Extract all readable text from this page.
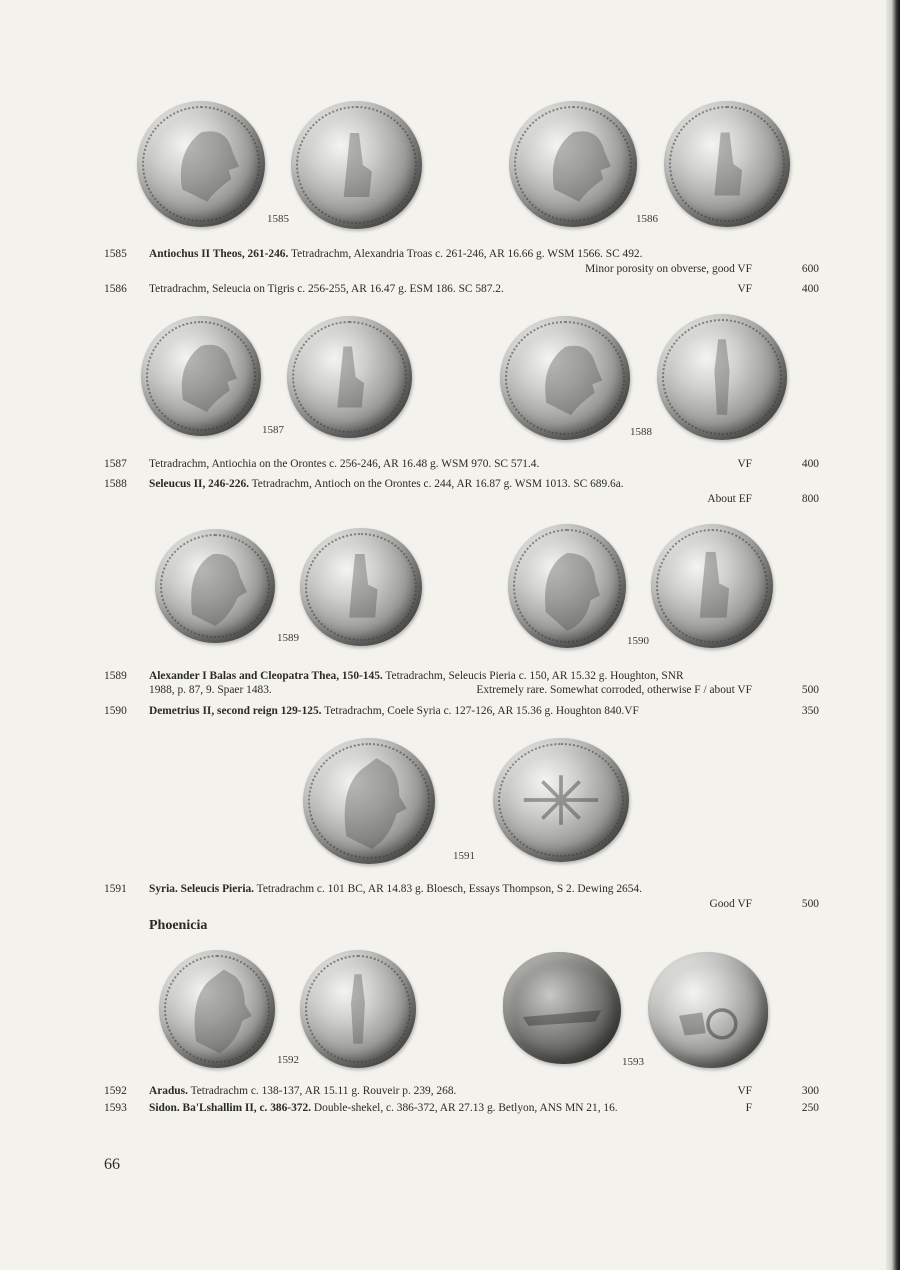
1585	1586
1585 Antiochus II Theos, 261-246. Tetradrachm, Alexandria Troas c. 261-246, AR 16.66 g. WSM 1566. SC 492.
Minor porosity on obverse, good VF	600
1586 Tetradrachm, Seleucia on Tigris c. 256-255, AR 16.47 g. ESM 186. SC 587.2.	VF	400
1587	1588
1587 Tetradrachm, Antiochia on the Orontes c. 256-246, AR 16.48 g. WSM 970. SC 571.4.	VF	400
1588 Seleucus II, 246-226. Tetradrachm, Antioch on the Orontes c. 244, AR 16.87 g. WSM 1013. SC 689.6a.
About EF	800
1589	1590
1589 Alexander I Balas and Cleopatra Thea, 150-145. Tetradrachm, Seleucis Pieria c. 150, AR 15.32 g. Houghton, SNR
1988, p. 87, 9. Spaer 1483.	Extremely rare. Somewhat corroded, otherwise F / about VF	500
1590 Demetrius II, second reign 129-125. Tetradrachm, Coele Syria c. 127-126, AR 15.36 g. Houghton 840.VF	350
1591
1591 Syria. Seleucis Pieria. Tetradrachm c. 101 BC, AR 14.83 g. Bloesch, Essays Thompson, S 2. Dewing 2654.
Good VF	500
Phoenicia
1592	1593
1592 Aradus. Tetradrachm c. 138-137, AR 15.11 g. Rouveir p. 239, 268.	VF	300
1593 Sidon. Ba'Lshallim II, c. 386-372. Double-shekel, c. 386-372, AR 27.13 g. Betlyon, ANS MN 21, 16.	F	250
66
